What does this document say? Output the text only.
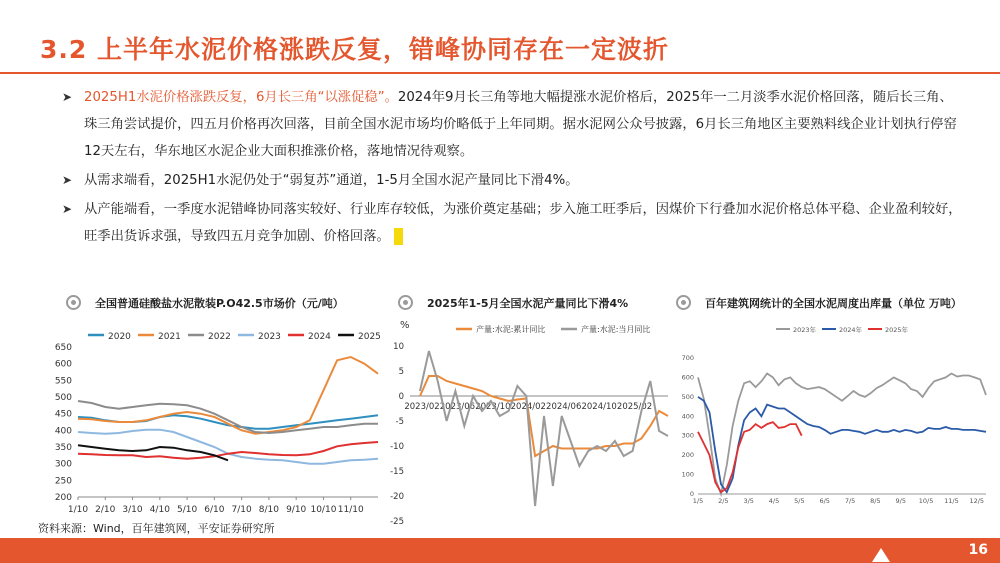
3.2 上半年水泥价格涨跌反复，错峰协同存在一定波折
➤ 2025H1水泥价格涨跌反复，6月长三角“以涨促稳”。2024年9月长三角等地大幅提涨水泥价格后，2025年一二月淡季水泥价格回落，随后长三角、珠三角尝试提价，四五月价格再次回落，目前全国水泥市场均价略低于上年同期。据水泥网公众号披露，6月长三角地区主要熟料线企业计划执行停窑12天左右，华东地区水泥企业大面积推涨价格，落地情况待观察。
➤ 从需求端看，2025H1水泥仍处于“弱复苏”通道，1-5月全国水泥产量同比下滑4%。
➤ 从产能端看，一季度水泥错峰协同落实较好、行业库存较低，为涨价奠定基础；步入施工旺季后，因煤价下行叠加水泥价格总体平稳、企业盈利较好，旺季出货诉求强，导致四五月竞争加剧、价格回落。
全国普通硅酸盐水泥散装P.O42.5市场价（元/吨）	2025年1-5月全国水泥产量同比下滑4%	百年建筑网统计的全国水泥周度出库量（单位 万吨）
2020	2021	2022	2023	2024	2025
200
250
300
350
400
450
500
550
600
650
1/10 2/10 3/10 4/10 5/10 6/10 7/10 8/10 9/10 10/10 11/10
%	产量:水泥:累计同比	产量:水泥:当月同比
-25
-20
-15
-10
-5
0
5
10
2023/02 2023/06 2023/10 2024/02 2024/06 2024/10 2025/02
2023年	2024年	2025年
0
100
200
300
400
500
600
700
1/5 2/5 3/5 4/5 5/5 6/5 7/5 8/5 9/5 10/5 11/5 12/5
资料来源：Wind，百年建筑网，平安证券研究所
16
